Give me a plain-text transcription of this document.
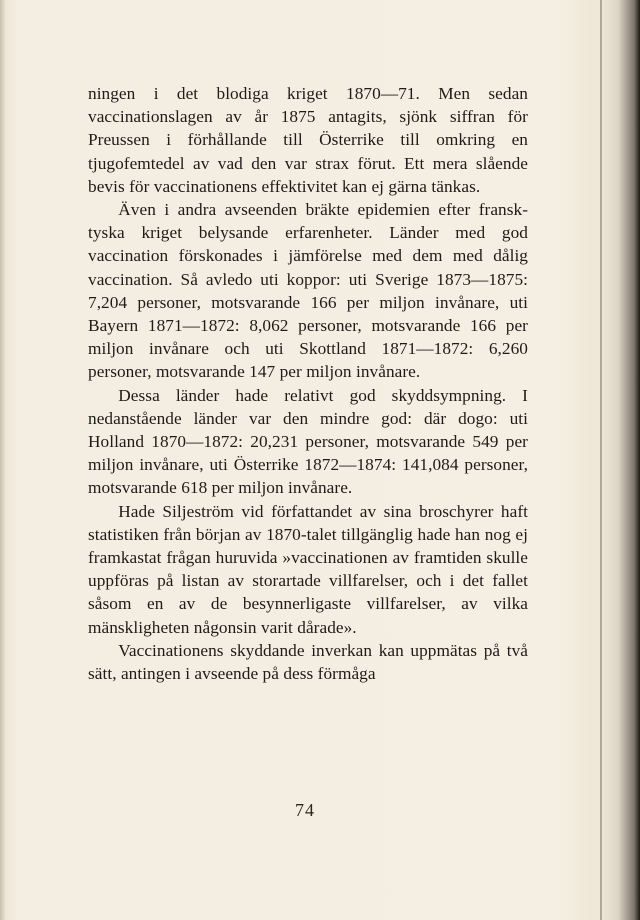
ningen i det blodiga kriget 1870—71. Men sedan vaccinationslagen av år 1875 antagits, sjönk siffran för Preussen i förhållande till Österrike till omkring en tjugofemtedel av vad den var strax förut. Ett mera slående bevis för vaccinationens effektivitet kan ej gärna tänkas.

Även i andra avseenden bräkte epidemien efter fransk-tyska kriget belysande erfarenheter. Länder med god vaccination förskonades i jämförelse med dem med dålig vaccination. Så avledo uti koppor: uti Sverige 1873—1875: 7,204 personer, motsvarande 166 per miljon invånare, uti Bayern 1871—1872: 8,062 personer, motsvarande 166 per miljon invånare och uti Skottland 1871—1872: 6,260 personer, motsvarande 147 per miljon invånare.

Dessa länder hade relativt god skyddsympning. I nedanstående länder var den mindre god: där dogo: uti Holland 1870—1872: 20,231 personer, motsvarande 549 per miljon invånare, uti Österrike 1872—1874: 141,084 personer, motsvarande 618 per miljon invånare.

Hade Siljeström vid författandet av sina broschyrer haft statistiken från början av 1870-talet tillgänglig hade han nog ej framkastat frågan huruvida »vaccinationen av framtiden skulle uppföras på listan av storartade villfarelser, och i det fallet såsom en av de besynnerligaste villfarelser, av vilka mänskligheten någonsin varit dårade».

Vaccinationens skyddande inverkan kan uppmätas på två sätt, antingen i avseende på dess förmåga

74
